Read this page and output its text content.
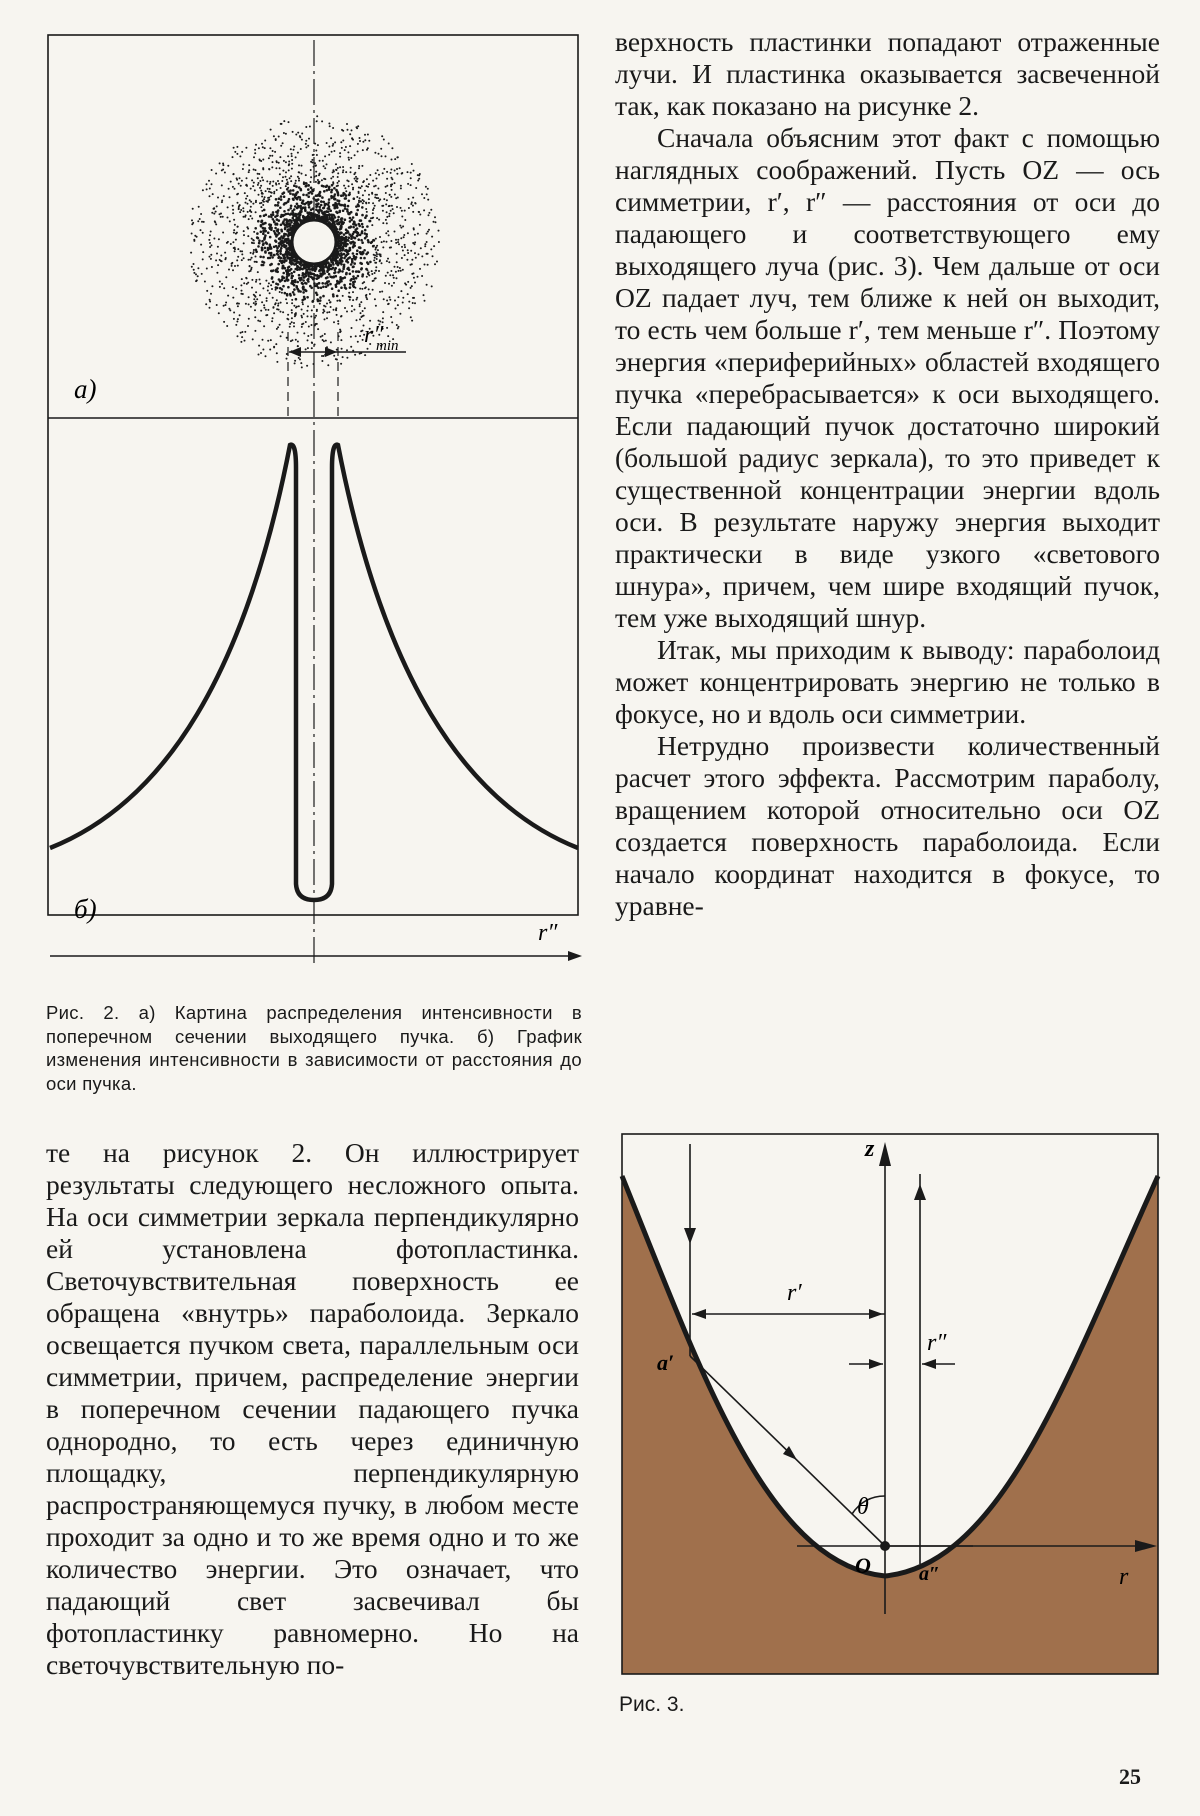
r″
min
а)
б)
r″
Рис. 2. а) Картина распределения интенсивности в поперечном сечении выходящего пучка. б) График изменения интенсивности в зависимости от расстояния до оси пучка.
z
r
r′
r″
a′
a″
θ
O
Рис. 3.

верхность пластинки попадают отраженные лучи. И пластинка оказывается засвеченной так, как показано на рисунке 2.

Сначала объясним этот факт с помощью наглядных соображений. Пусть OZ — ось симметрии, r′, r″ — расстояния от оси до падающего и соответствующего ему выходящего луча (рис. 3). Чем дальше от оси OZ падает луч, тем ближе к ней он выходит, то есть чем больше r′, тем меньше r″. Поэтому энергия «периферийных» областей входящего пучка «перебрасывается» к оси выходящего. Если падающий пучок достаточно широкий (большой радиус зеркала), то это приведет к существенной концентрации энергии вдоль оси. В результате наружу энергия выходит практически в виде узкого «светового шнура», причем, чем шире входящий пучок, тем уже выходящий шнур.

Итак, мы приходим к выводу: параболоид может концентрировать энергию не только в фокусе, но и вдоль оси симметрии.

Нетрудно произвести количественный расчет этого эффекта. Рассмотрим параболу, вращением которой относительно оси OZ создается поверхность параболоида. Если начало координат находится в фокусе, то уравне-

те на рисунок 2. Он иллюстрирует результаты следующего несложного опыта. На оси симметрии зеркала перпендикулярно ей установлена фотопластинка. Светочувствительная поверхность ее обращена «внутрь» параболоида. Зеркало освещается пучком света, параллельным оси симметрии, причем, распределение энергии в поперечном сечении падающего пучка однородно, то есть через единичную площадку, перпендикулярную распространяющемуся пучку, в любом месте проходит за одно и то же время одно и то же количество энергии. Это означает, что падающий свет засвечивал бы фотопластинку равномерно. Но на светочувствительную по-

25
